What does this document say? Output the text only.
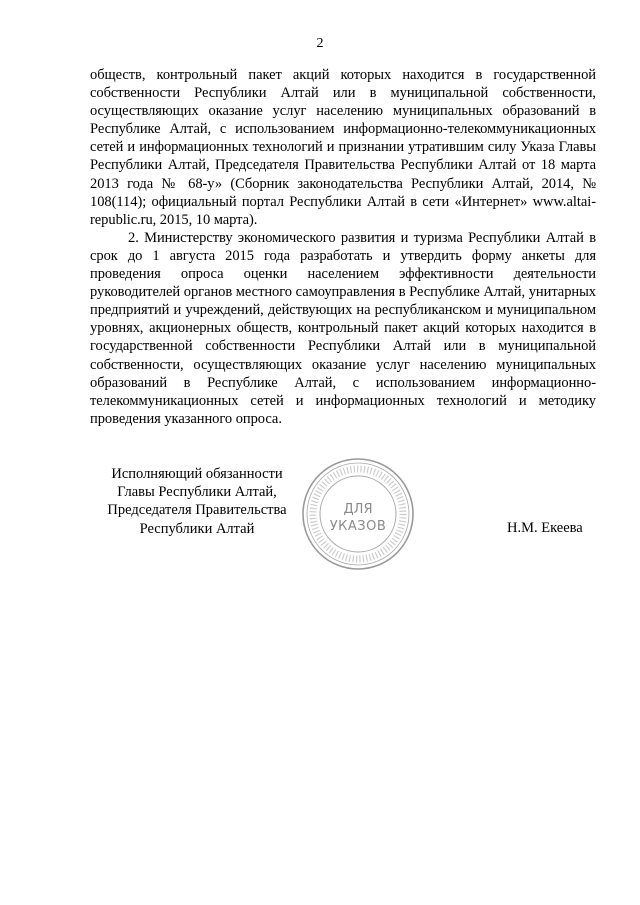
2

обществ, контрольный пакет акций которых находится в государственной собственности Республики Алтай или в муниципальной собственности, осуществляющих оказание услуг населению муниципальных образований в Республике Алтай, с использованием информационно-телекоммуникационных сетей и информационных технологий и признании утратившим силу Указа Главы Республики Алтай, Председателя Правительства Республики Алтай от 18 марта 2013 года № 68-у» (Сборник законодательства Республики Алтай, 2014, № 108(114); официальный портал Республики Алтай в сети «Интернет» www.altai-republic.ru, 2015, 10 марта).

2. Министерству экономического развития и туризма Республики Алтай в срок до 1 августа 2015 года разработать и утвердить форму анкеты для проведения опроса оценки населением эффективности деятельности руководителей органов местного самоуправления в Республике Алтай, унитарных предприятий и учреждений, действующих на республиканском и муниципальном уровнях, акционерных обществ, контрольный пакет акций которых находится в государственной собственности Республики Алтай или в муниципальной собственности, осуществляющих оказание услуг населению муниципальных образований в Республике Алтай, с использованием информационно-телекоммуникационных сетей и информационных технологий и методику проведения указанного опроса.

Исполняющий обязанности
Главы Республики Алтай,
Председателя Правительства
Республики Алтай
ДЛЯ
УКАЗОВ	Н.М. Екеева
